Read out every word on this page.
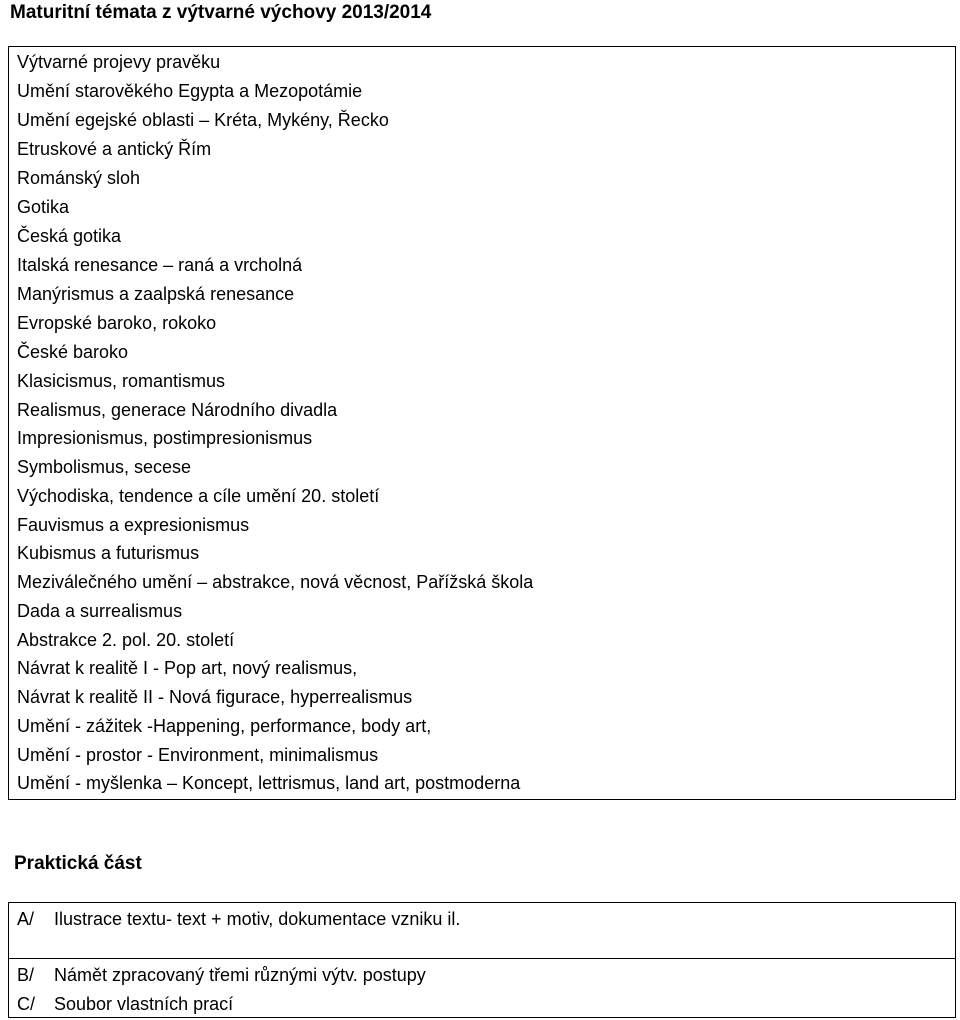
Maturitní témata z výtvarné výchovy 2013/2014
Výtvarné projevy pravěku
Umění starověkého Egypta a Mezopotámie
Umění egejské oblasti – Kréta, Mykény, Řecko
Etruskové a antický Řím
Románský sloh
Gotika
Česká gotika
Italská renesance – raná a vrcholná
Manýrismus a zaalpská renesance
Evropské baroko, rokoko
České baroko
Klasicismus, romantismus
Realismus, generace Národního divadla
Impresionismus, postimpresionismus
Symbolismus, secese
Východiska, tendence a cíle umění 20. století
Fauvismus a expresionismus
Kubismus a futurismus
Meziválečného umění – abstrakce, nová věcnost, Pařížská škola
Dada a surrealismus
Abstrakce 2. pol. 20. století
Návrat k realitě I - Pop art, nový realismus,
Návrat k realitě II - Nová figurace, hyperrealismus
Umění - zážitek -Happening, performance, body art,
Umění - prostor - Environment, minimalismus
Umění - myšlenka – Koncept, lettrismus, land art, postmoderna
Praktická část
A/ Ilustrace textu- text + motiv, dokumentace vzniku il.
B/ Námět zpracovaný třemi různými výtv. postupy
C/ Soubor vlastních prací
